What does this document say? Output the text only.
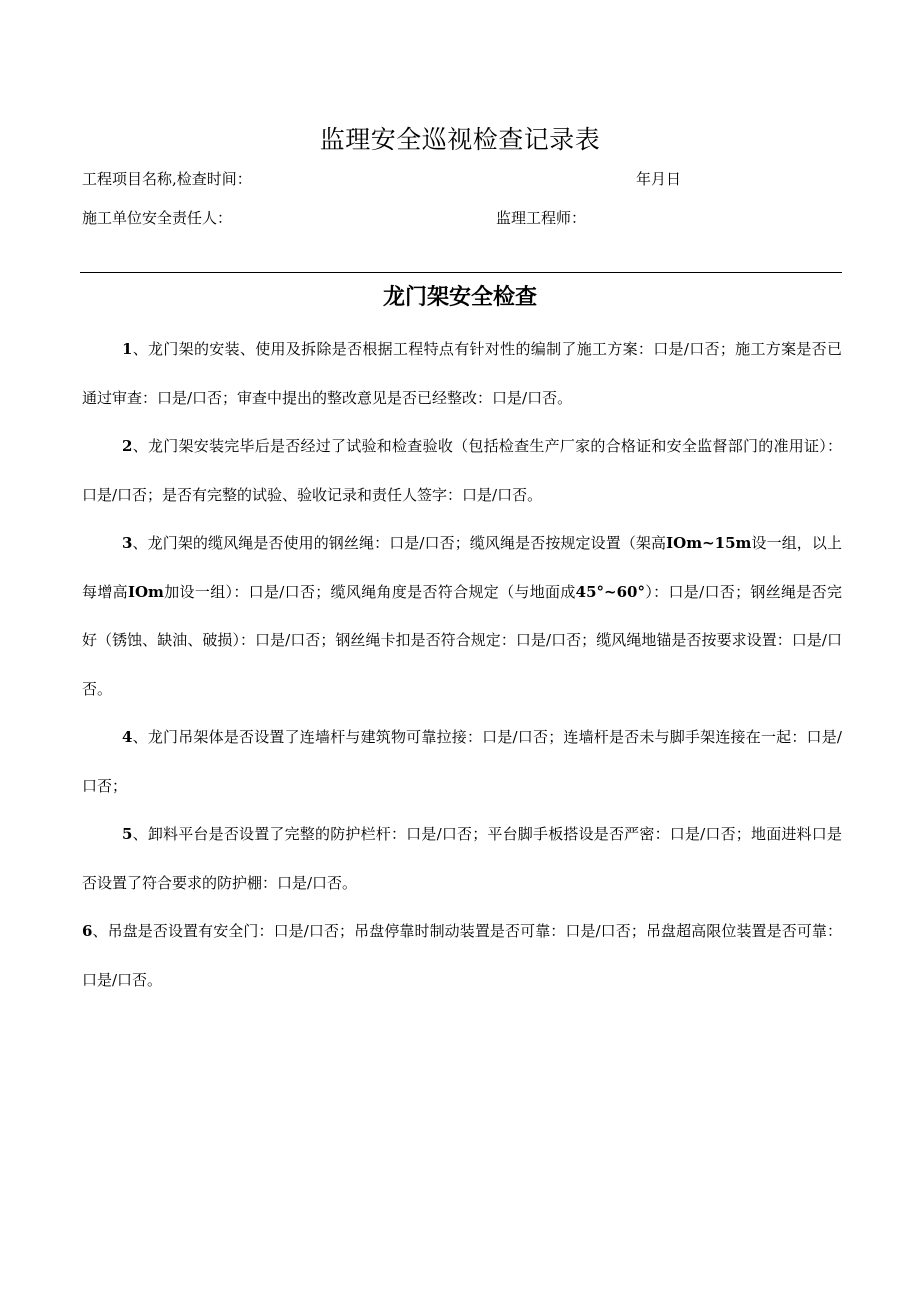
监理安全巡视检查记录表
工程项目名称,检查时间：	年月日
施工单位安全责任人：	监理工程师：
龙门架安全检查

1、龙门架的安装、使用及拆除是否根据工程特点有针对性的编制了施工方案：口是/口否；施工方案是否已通过审查：口是/口否；审查中提出的整改意见是否已经整改：口是/口否。

2、龙门架安装完毕后是否经过了试验和检查验收（包括检查生产厂家的合格证和安全监督部门的准用证）：口是/口否；是否有完整的试验、验收记录和责任人签字：口是/口否。

3、龙门架的缆风绳是否使用的钢丝绳：口是/口否；缆风绳是否按规定设置（架高IOm~15m设一组，以上每增高IOm加设一组）：口是/口否；缆风绳角度是否符合规定（与地面成45°~60°）：口是/口否；钢丝绳是否完好（锈蚀、缺油、破损）：口是/口否；钢丝绳卡扣是否符合规定：口是/口否；缆风绳地锚是否按要求设置：口是/口否。

4、龙门吊架体是否设置了连墙杆与建筑物可靠拉接：口是/口否；连墙杆是否未与脚手架连接在一起：口是/口否；

5、卸料平台是否设置了完整的防护栏杆：口是/口否；平台脚手板搭设是否严密：口是/口否；地面进料口是否设置了符合要求的防护棚：口是/口否。

6、吊盘是否设置有安全门：口是/口否；吊盘停靠时制动装置是否可靠：口是/口否；吊盘超高限位装置是否可靠：口是/口否。
